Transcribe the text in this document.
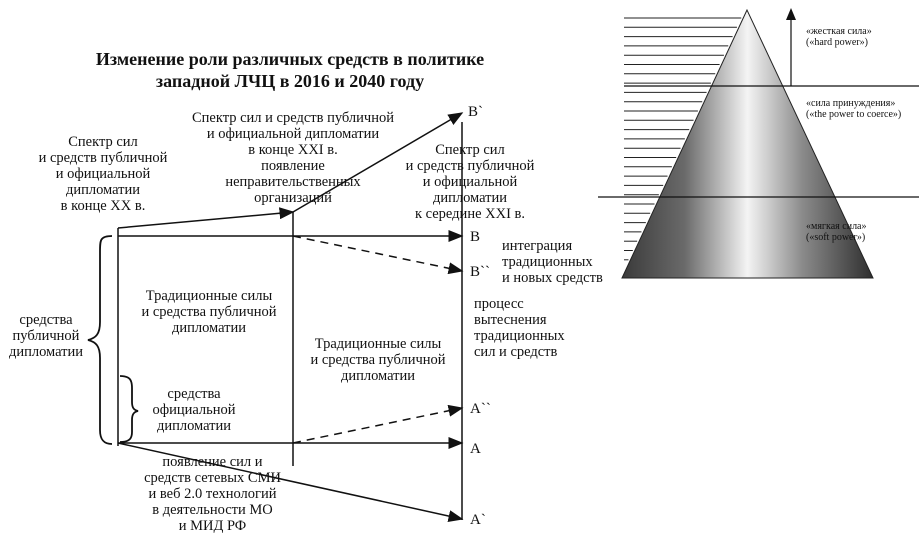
Изменение роли различных средств в политике
западной ЛЧЦ в 2016 и 2040 году
Спектр сил
и средств публичной
и официальной
дипломатии
в конце XX в.
Спектр сил и средств публичной
и официальной дипломатии
в конце XXI в.
появление
неправительственных
организаций
Спектр сил
и средств публичной
и официальной
дипломатии
к середине XXI в.
средства
публичной
дипломатии
средства
официальной
дипломатии
Традиционные силы
и средства публичной
дипломатии
Традиционные силы
и средства публичной
дипломатии
интеграция
традиционных
и новых средств
процесс
вытеснения
традиционных
сил и средств
появление сил и
средств сетевых СМИ
и веб 2.0 технологий
в деятельности МО
и МИД РФ
B`
B
B``
A``
A
A`
«жесткая сила»
(«hard power»)
«сила принуждения»
(«the power to coerce»)
«мягкая сила»
(«soft power»)
